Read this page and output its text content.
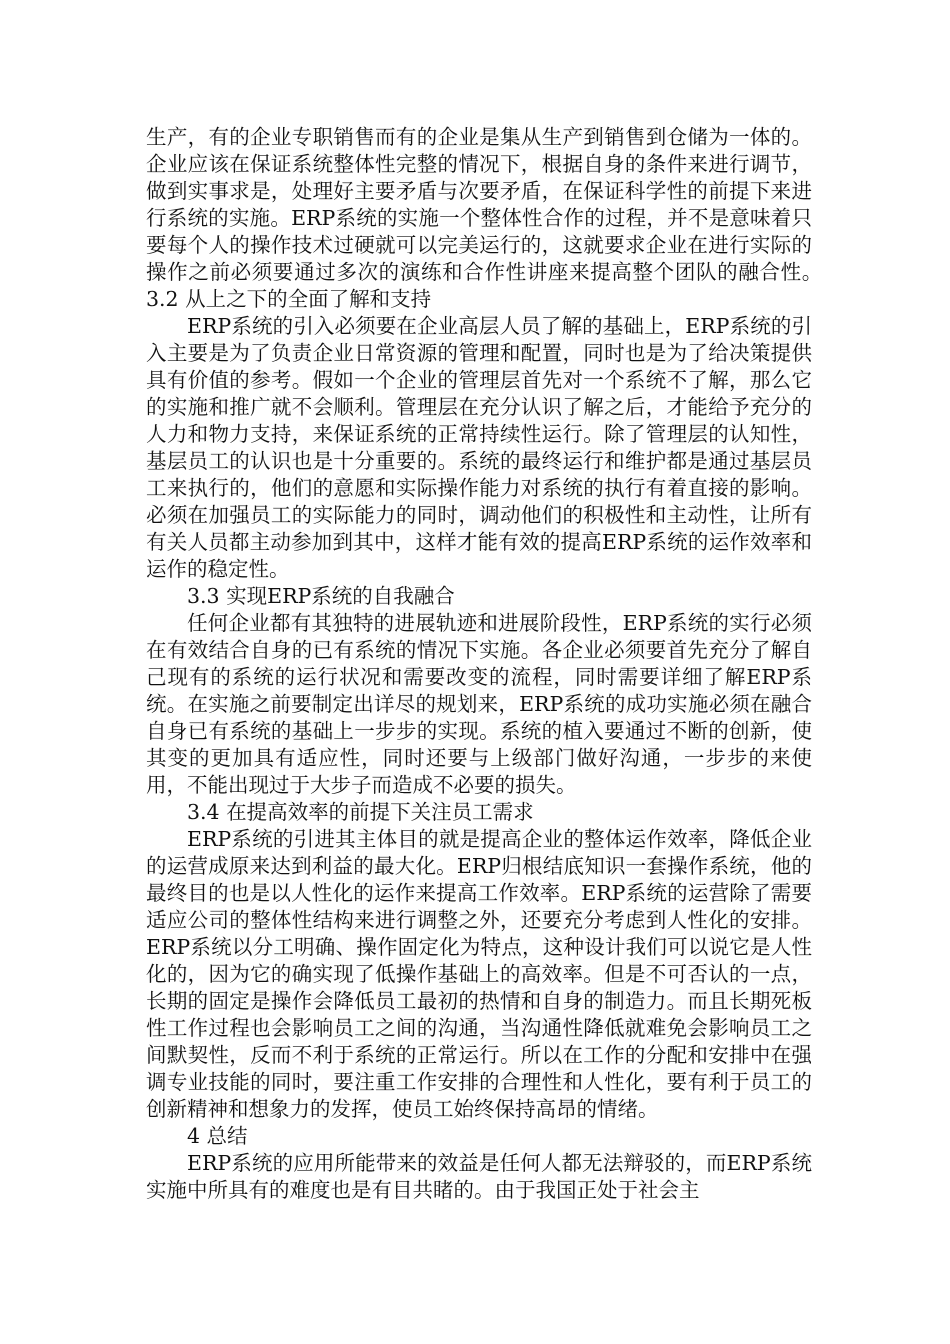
生产，有的企业专职销售而有的企业是集从生产到销售到仓储为一体的。企业应该在保证系统整体性完整的情况下，根据自身的条件来进行调节，做到实事求是，处理好主要矛盾与次要矛盾，在保证科学性的前提下来进行系统的实施。ERP系统的实施一个整体性合作的过程，并不是意味着只要每个人的操作技术过硬就可以完美运行的，这就要求企业在进行实际的操作之前必须要通过多次的演练和合作性讲座来提高整个团队的融合性。　　　　3.2 从上之下的全面了解和支持

ERP系统的引入必须要在企业高层人员了解的基础上，ERP系统的引入主要是为了负责企业日常资源的管理和配置，同时也是为了给决策提供具有价值的参考。假如一个企业的管理层首先对一个系统不了解，那么它的实施和推广就不会顺利。管理层在充分认识了解之后，才能给予充分的人力和物力支持，来保证系统的正常持续性运行。除了管理层的认知性，基层员工的认识也是十分重要的。系统的最终运行和维护都是通过基层员工来执行的，他们的意愿和实际操作能力对系统的执行有着直接的影响。必须在加强员工的实际能力的同时，调动他们的积极性和主动性，让所有有关人员都主动参加到其中，这样才能有效的提高ERP系统的运作效率和运作的稳定性。

3.3 实现ERP系统的自我融合

任何企业都有其独特的进展轨迹和进展阶段性，ERP系统的实行必须在有效结合自身的已有系统的情况下实施。各企业必须要首先充分了解自己现有的系统的运行状况和需要改变的流程，同时需要详细了解ERP系统。在实施之前要制定出详尽的规划来，ERP系统的成功实施必须在融合自身已有系统的基础上一步步的实现。系统的植入要通过不断的创新，使其变的更加具有适应性，同时还要与上级部门做好沟通，一步步的来使用，不能出现过于大步子而造成不必要的损失。

3.4 在提高效率的前提下关注员工需求

ERP系统的引进其主体目的就是提高企业的整体运作效率，降低企业的运营成原来达到利益的最大化。ERP归根结底知识一套操作系统，他的最终目的也是以人性化的运作来提高工作效率。ERP系统的运营除了需要适应公司的整体性结构来进行调整之外，还要充分考虑到人性化的安排。ERP系统以分工明确、操作固定化为特点，这种设计我们可以说它是人性化的，因为它的确实现了低操作基础上的高效率。但是不可否认的一点，长期的固定是操作会降低员工最初的热情和自身的制造力。而且长期死板性工作过程也会影响员工之间的沟通，当沟通性降低就难免会影响员工之间默契性，反而不利于系统的正常运行。所以在工作的分配和安排中在强调专业技能的同时，要注重工作安排的合理性和人性化，要有利于员工的创新精神和想象力的发挥，使员工始终保持高昂的情绪。

4 总结

ERP系统的应用所能带来的效益是任何人都无法辩驳的，而ERP系统实施中所具有的难度也是有目共睹的。由于我国正处于社会主
